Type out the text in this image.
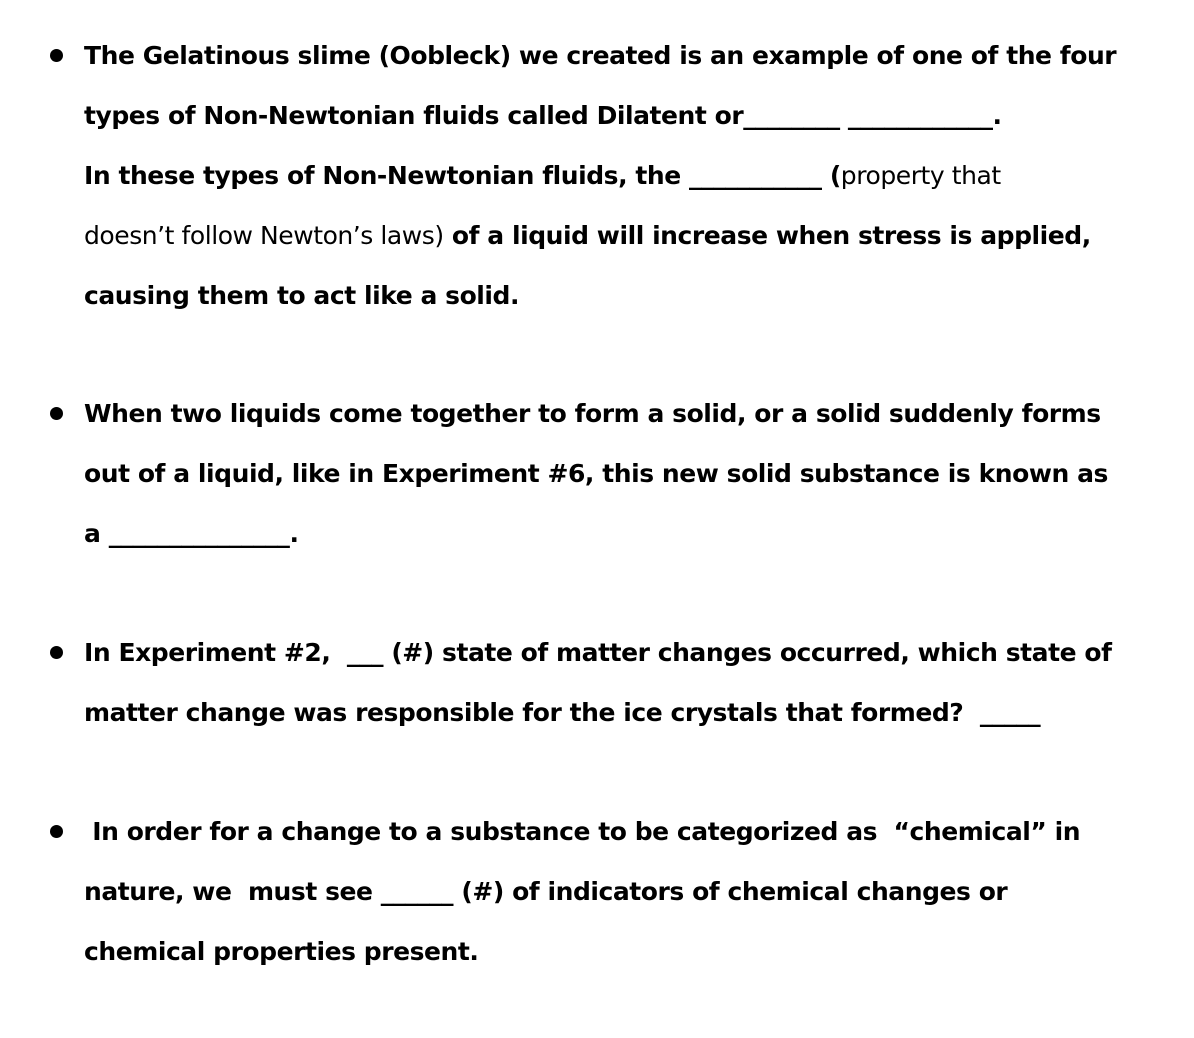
The Gelatinous slime (Oobleck) we created is an example of one of the four
types of Non-Newtonian fluids called Dilatent or________ ____________.
In these types of Non-Newtonian fluids, the ___________ (property that
doesn’t follow Newton’s laws) of a liquid will increase when stress is applied,
causing them to act like a solid.
When two liquids come together to form a solid, or a solid suddenly forms
out of a liquid, like in Experiment #6, this new solid substance is known as
a _______________.
In Experiment #2,  ___ (#) state of matter changes occurred, which state of
matter change was responsible for the ice crystals that formed?  _____
In order for a change to a substance to be categorized as  “chemical” in
nature, we  must see ______ (#) of indicators of chemical changes or
chemical properties present.
